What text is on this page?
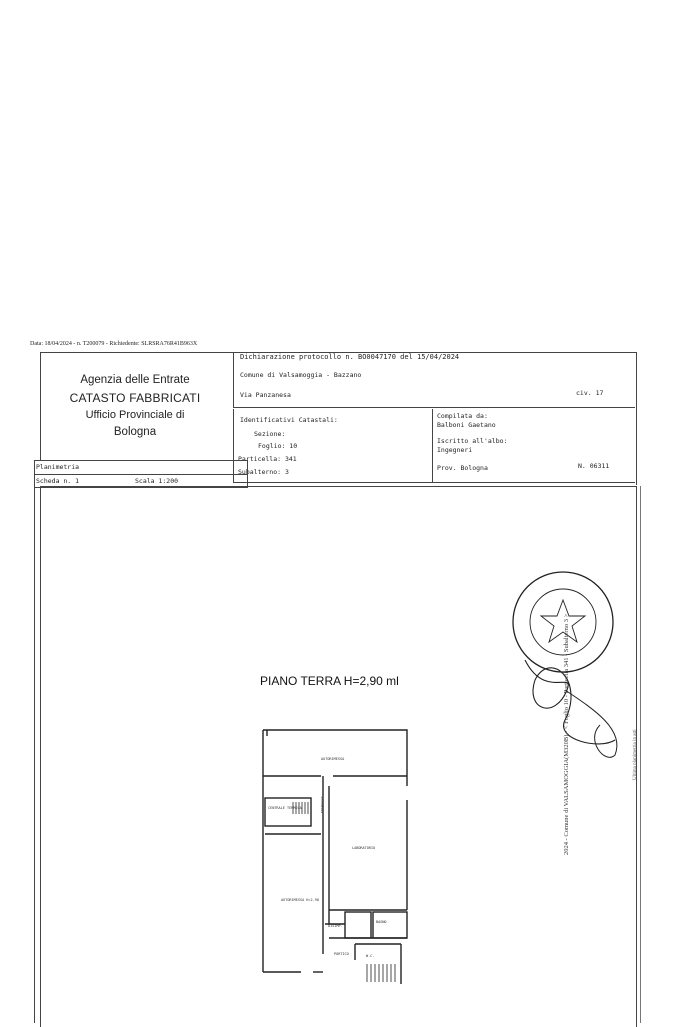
Data: 18/04/2024 - n. T200079 - Richiedente: SLRSRA76R41B963X
Agenzia delle Entrate
CATASTO FABBRICATI
Ufficio Provinciale di
Bologna
Dichiarazione protocollo n. BO0047170 del 15/04/2024
Comune di Valsamoggia - Bazzano
Via Panzanesa	civ. 17
Identificativi Catastali:
Sezione:
Foglio: 10
Particella: 341
Subalterno: 3
Compilata da:
Balboni Gaetano
Iscritto all'albo:
Ingegneri
Prov. Bologna	N. 06311
Planimetria
Scheda n. 1	Scala 1:200
PIANO TERRA H=2,90 ml
AUTORIMESSA
CENTRALE TERMICA	INGRESSO
LABORATORIO
AUTORIMESSA H=2.90
DISIMP.
BAGNO
W.C.
PORTICO
2024 - Comune di VALSAMOGGIA(M320B) - < Foglio 10 - Particella 341 - Subalterno 3 >	Ultima planimetria in atti
